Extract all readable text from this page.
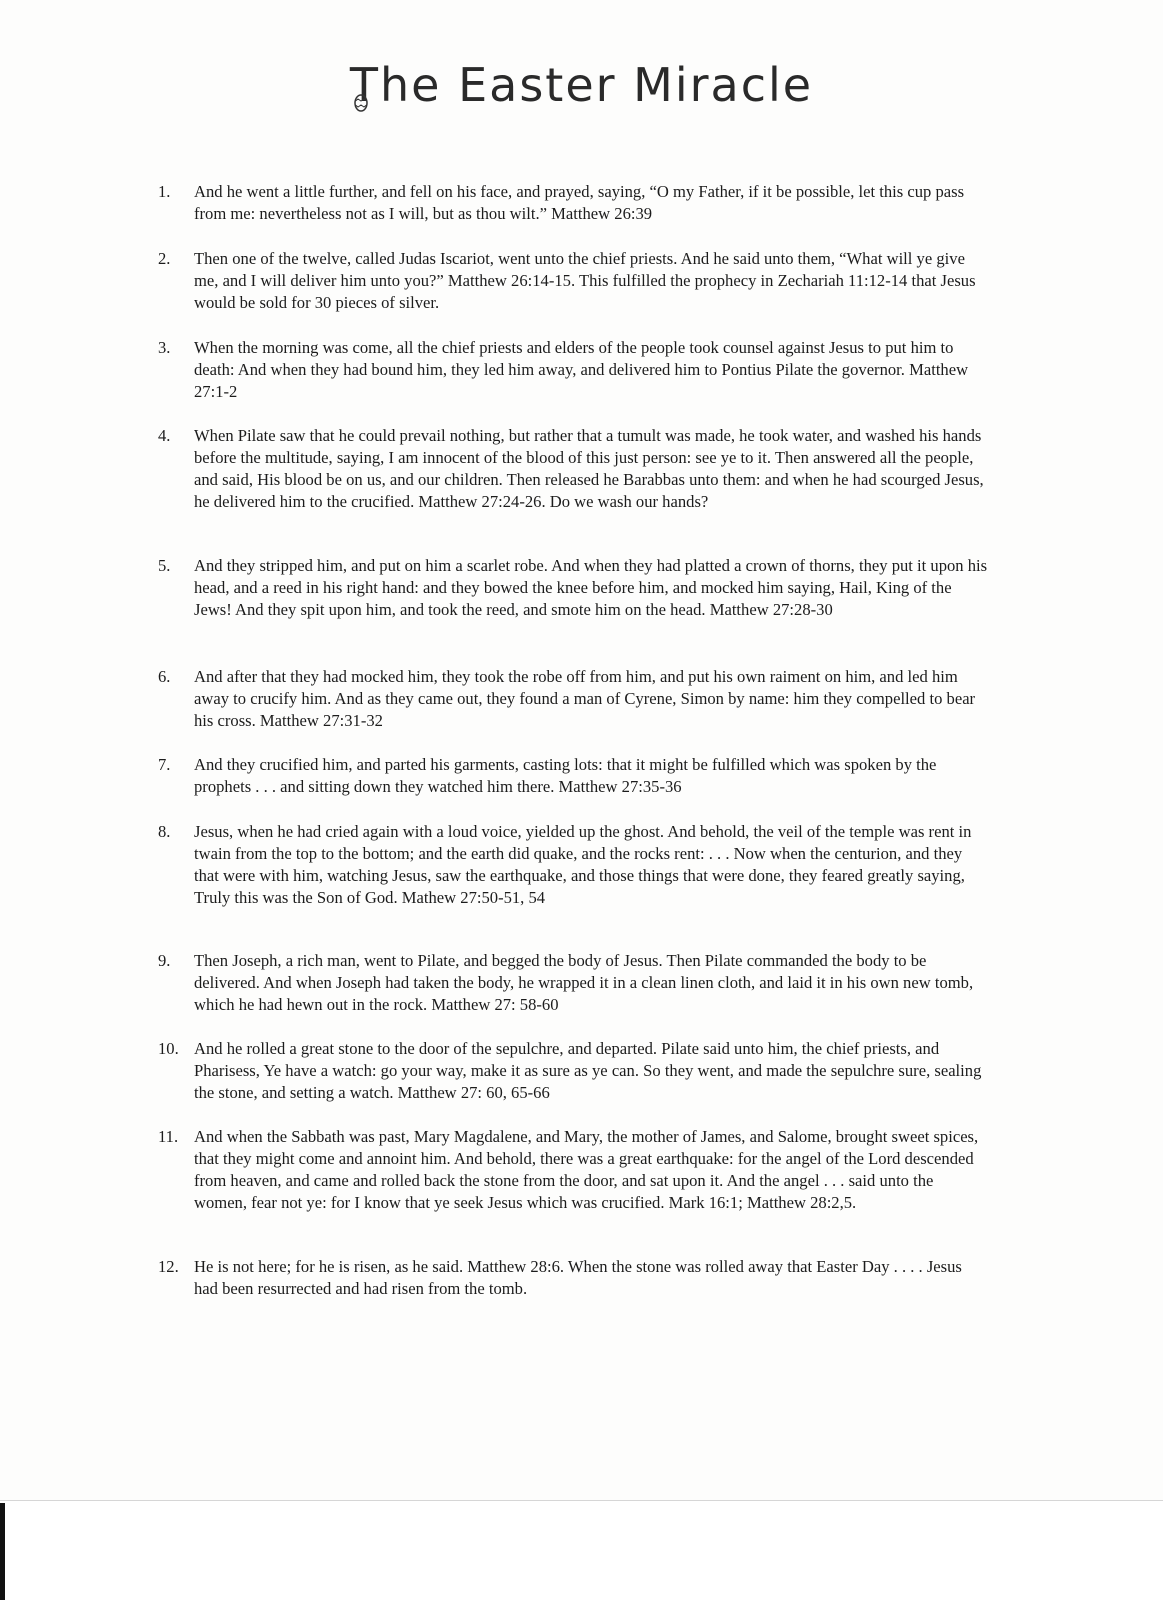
The Easter Miracle
1.	And he went a little further, and fell on his face, and prayed, saying, “O my Father, if it be possible, let this cup pass from me: nevertheless not as I will, but as thou wilt.” Matthew 26:39
2.	Then one of the twelve, called Judas Iscariot, went unto the chief priests. And he said unto them, “What will ye give me, and I will deliver him unto you?” Matthew 26:14-15. This fulfilled the prophecy in Zechariah 11:12-14 that Jesus would be sold for 30 pieces of silver.
3.	When the morning was come, all the chief priests and elders of the people took counsel against Jesus to put him to death: And when they had bound him, they led him away, and delivered him to Pontius Pilate the governor. Matthew 27:1-2
4.	When Pilate saw that he could prevail nothing, but rather that a tumult was made, he took water, and washed his hands before the multitude, saying, I am innocent of the blood of this just person: see ye to it. Then answered all the people, and said, His blood be on us, and our children. Then released he Barabbas unto them: and when he had scourged Jesus, he delivered him to the crucified. Matthew 27:24-26. Do we wash our hands?
5.	And they stripped him, and put on him a scarlet robe. And when they had platted a crown of thorns, they put it upon his head, and a reed in his right hand: and they bowed the knee before him, and mocked him saying, Hail, King of the Jews! And they spit upon him, and took the reed, and smote him on the head. Matthew 27:28-30
6.	And after that they had mocked him, they took the robe off from him, and put his own raiment on him, and led him away to crucify him. And as they came out, they found a man of Cyrene, Simon by name: him they compelled to bear his cross. Matthew 27:31-32
7.	And they crucified him, and parted his garments, casting lots: that it might be fulfilled which was spoken by the prophets . . . and sitting down they watched him there. Matthew 27:35-36
8.	Jesus, when he had cried again with a loud voice, yielded up the ghost. And behold, the veil of the temple was rent in twain from the top to the bottom; and the earth did quake, and the rocks rent: . . . Now when the centurion, and they that were with him, watching Jesus, saw the earthquake, and those things that were done, they feared greatly saying, Truly this was the Son of God. Mathew 27:50-51, 54
9.	Then Joseph, a rich man, went to Pilate, and begged the body of Jesus. Then Pilate commanded the body to be delivered. And when Joseph had taken the body, he wrapped it in a clean linen cloth, and laid it in his own new tomb, which he had hewn out in the rock. Matthew 27: 58-60
10. And he rolled a great stone to the door of the sepulchre, and departed. Pilate said unto him, the chief priests, and Pharisess, Ye have a watch: go your way, make it as sure as ye can. So they went, and made the sepulchre sure, sealing the stone, and setting a watch. Matthew 27: 60, 65-66
11. And when the Sabbath was past, Mary Magdalene, and Mary, the mother of James, and Salome, brought sweet spices, that they might come and annoint him. And behold, there was a great earthquake: for the angel of the Lord descended from heaven, and came and rolled back the stone from the door, and sat upon it. And the angel . . . said unto the women, fear not ye: for I know that ye seek Jesus which was crucified. Mark 16:1; Matthew 28:2,5.
12. He is not here; for he is risen, as he said. Matthew 28:6. When the stone was rolled away that Easter Day . . . . Jesus had been resurrected and had risen from the tomb.
